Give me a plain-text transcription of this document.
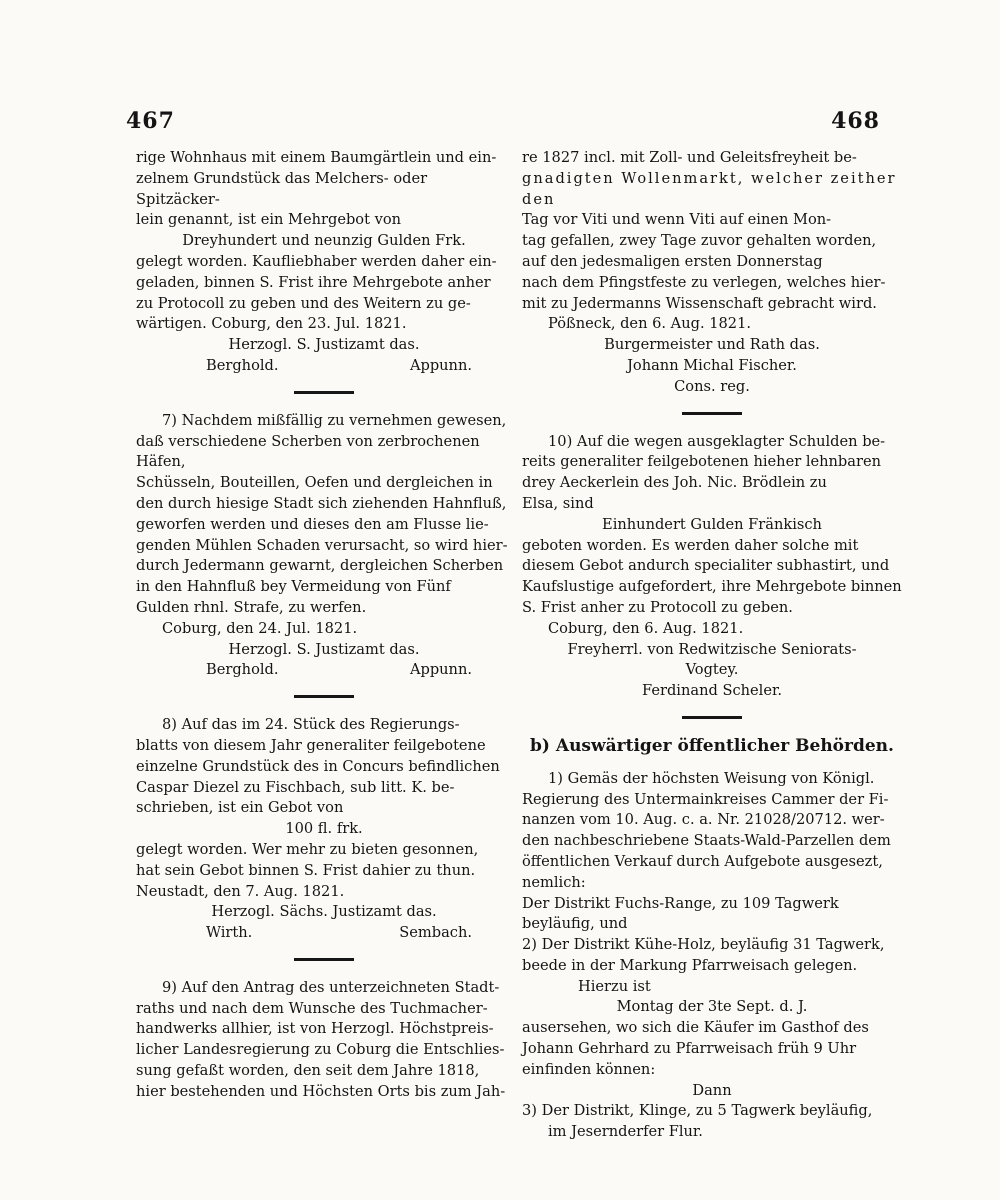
467	468

rige Wohnhaus mit einem Baumgärtlein und ein-

zelnem Grundstück das Melchers- oder Spitzäcker-

lein genannt, ist ein Mehrgebot von

Dreyhundert und neunzig Gulden Frk.

gelegt worden. Kaufliebhaber werden daher ein-

geladen, binnen S. Frist ihre Mehrgebote anher

zu Protocoll zu geben und des Weitern zu ge-

wärtigen. Coburg, den 23. Jul. 1821.

Herzogl. S. Justizamt das.

Berghold.	Appunn.

7) Nachdem mißfällig zu vernehmen gewesen,

daß verschiedene Scherben von zerbrochenen Häfen,

Schüsseln, Bouteillen, Oefen und dergleichen in

den durch hiesige Stadt sich ziehenden Hahnfluß,

geworfen werden und dieses den am Flusse lie-

genden Mühlen Schaden verursacht, so wird hier-

durch Jedermann gewarnt, dergleichen Scherben

in den Hahnfluß bey Vermeidung von Fünf

Gulden rhnl. Strafe, zu werfen.

Coburg, den 24. Jul. 1821.

Herzogl. S. Justizamt das.

Berghold.	Appunn.

8) Auf das im 24. Stück des Regierungs-

blatts von diesem Jahr generaliter feilgebotene

einzelne Grundstück des in Concurs befindlichen

Caspar Diezel zu Fischbach, sub litt. K. be-

schrieben, ist ein Gebot von

100 fl. frk.

gelegt worden. Wer mehr zu bieten gesonnen,

hat sein Gebot binnen S. Frist dahier zu thun.

Neustadt, den 7. Aug. 1821.

Herzogl. Sächs. Justizamt das.

Wirth.	Sembach.

9) Auf den Antrag des unterzeichneten Stadt-

raths und nach dem Wunsche des Tuchmacher-

handwerks allhier, ist von Herzogl. Höchstpreis-

licher Landesregierung zu Coburg die Entschlies-

sung gefaßt worden, den seit dem Jahre 1818,

hier bestehenden und Höchsten Orts bis zum Jah-

re 1827 incl. mit Zoll- und Geleitsfreyheit be-

gnadigten Wollenmarkt, welcher zeither den

Tag vor Viti und wenn Viti auf einen Mon-

tag gefallen, zwey Tage zuvor gehalten worden,

auf den jedesmaligen ersten Donnerstag

nach dem Pfingstfeste zu verlegen, welches hier-

mit zu Jedermanns Wissenschaft gebracht wird.

Pößneck, den 6. Aug. 1821.

Burgermeister und Rath das.

Johann Michal Fischer.

Cons. reg.

10) Auf die wegen ausgeklagter Schulden be-

reits generaliter feilgebotenen hieher lehnbaren

drey Aeckerlein des Joh. Nic. Brödlein zu

Elsa, sind

Einhundert Gulden Fränkisch

geboten worden. Es werden daher solche mit

diesem Gebot andurch specialiter subhastirt, und

Kaufslustige aufgefordert, ihre Mehrgebote binnen

S. Frist anher zu Protocoll zu geben.

Coburg, den 6. Aug. 1821.

Freyherrl. von Redwitzische Seniorats-

Vogtey.

Ferdinand Scheler.

b) Auswärtiger öffentlicher Behörden.

1) Gemäs der höchsten Weisung von Königl.

Regierung des Untermainkreises Cammer der Fi-

nanzen vom 10. Aug. c. a. Nr. 21028/20712. wer-

den nachbeschriebene Staats-Wald-Parzellen dem

öffentlichen Verkauf durch Aufgebote ausgesezt,

nemlich:

Der Distrikt Fuchs-Range, zu 109 Tagwerk

beyläufig, und

2) Der Distrikt Kühe-Holz, beyläufig 31 Tagwerk,

beede in der Markung Pfarrweisach gelegen.

Hierzu ist

Montag der 3te Sept. d. J.

ausersehen, wo sich die Käufer im Gasthof des

Johann Gehrhard zu Pfarrweisach früh 9 Uhr

einfinden können:

Dann

3) Der Distrikt, Klinge, zu 5 Tagwerk beyläufig,

im Jesernderfer Flur.
